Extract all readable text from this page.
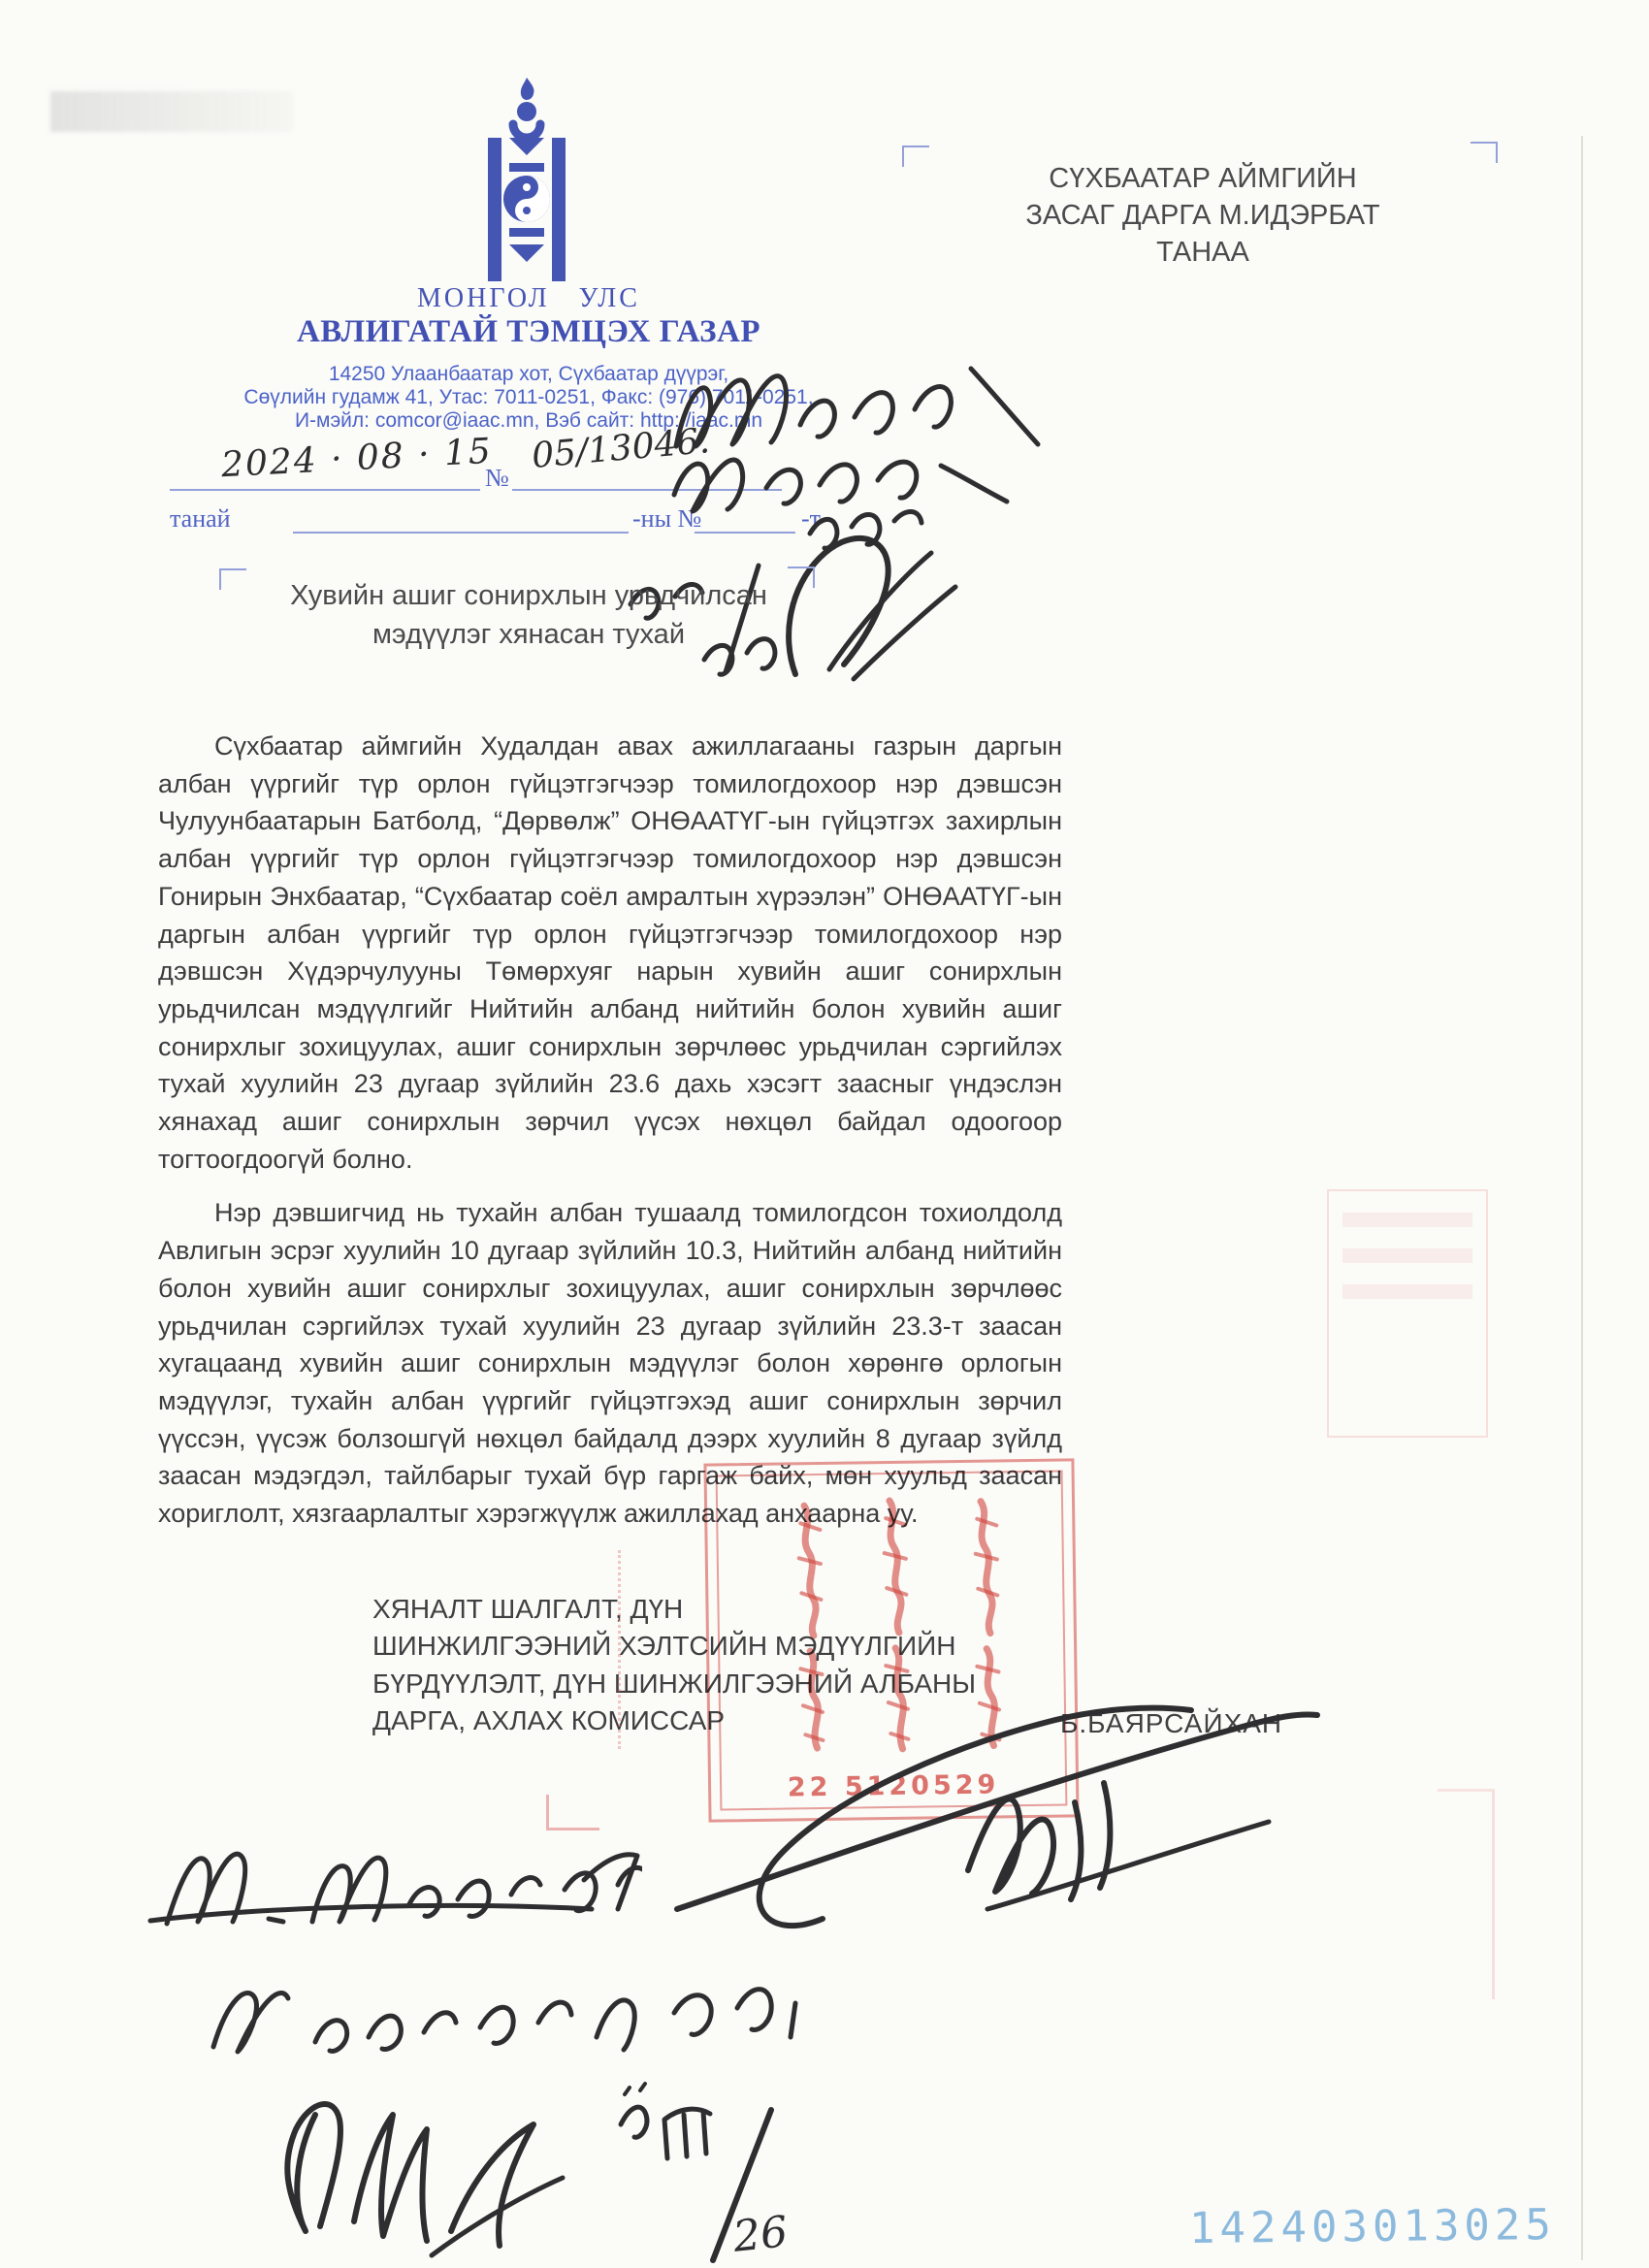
МОНГОЛ УЛС
АВЛИГАТАЙ ТЭМЦЭХ ГАЗАР
14250 Улаанбаатар хот, Сүхбаатар дүүрэг,
Сөүлийн гудамж 41, Утас: 7011-0251, Факс: (976) 7011-0251,
И-мэйл: comcor@iaac.mn, Вэб сайт: http://iaac.mn
2024 · 08 · 15
№
05/13046.
танай	-ны №	-т
СҮХБААТАР АЙМГИЙН
ЗАСАГ ДАРГА М.ИДЭРБАТ
ТАНАА
Хувийн ашиг сонирхлын урьдчилсан
мэдүүлэг хянасан тухай

Сүхбаатар аймгийн Худалдан авах ажиллагааны газрын даргын албан үүргийг түр орлон гүйцэтгэгчээр томилогдохоор нэр дэвшсэн Чулуунбаатарын Батболд, “Дөрвөлж” ОНӨААТҮГ-ын гүйцэтгэх захирлын албан үүргийг түр орлон гүйцэтгэгчээр томилогдохоор нэр дэвшсэн Гонирын Энхбаатар, “Сүхбаатар соёл амралтын хүрээлэн” ОНӨААТҮГ-ын даргын албан үүргийг түр орлон гүйцэтгэгчээр томилогдохоор нэр дэвшсэн Хүдэрчулууны Төмөрхуяг нарын хувийн ашиг сонирхлын урьдчилсан мэдүүлгийг Нийтийн албанд нийтийн болон хувийн ашиг сонирхлыг зохицуулах, ашиг сонирхлын зөрчлөөс урьдчилан сэргийлэх тухай хуулийн 23 дугаар зүйлийн 23.6 дахь хэсэгт заасныг үндэслэн хянахад ашиг сонирхлын зөрчил үүсэх нөхцөл байдал одоогоор тогтоогдоогүй болно.

Нэр дэвшигчид нь тухайн албан тушаалд томилогдсон тохиолдолд Авлигын эсрэг хуулийн 10 дугаар зүйлийн 10.3, Нийтийн албанд нийтийн болон хувийн ашиг сонирхлыг зохицуулах, ашиг сонирхлын зөрчлөөс урьдчилан сэргийлэх тухай хуулийн 23 дугаар зүйлийн 23.3-т заасан хугацаанд хувийн ашиг сонирхлын мэдүүлэг болон хөрөнгө орлогын мэдүүлэг, тухайн албан үүргийг гүйцэтгэхэд ашиг сонирхлын зөрчил үүссэн, үүсэж болзошгүй нөхцөл байдалд дээрх хуулийн 8 дугаар зүйлд заасан мэдэгдэл, тайлбарыг тухай бүр гаргаж байх, мөн хуульд заасан хориглолт, хязгаарлалтыг хэрэгжүүлж ажиллахад анхаарна уу.

ХЯНАЛТ ШАЛГАЛТ, ДҮН
ШИНЖИЛГЭЭНИЙ ХЭЛТСИЙН МЭДҮҮЛГИЙН
БҮРДҮҮЛЭЛТ, ДҮН ШИНЖИЛГЭЭНИЙ АЛБАНЫ
ДАРГА, АХЛАХ КОМИССАР	Б.БАЯРСАЙХАН
22 5120529
26	142403013025
